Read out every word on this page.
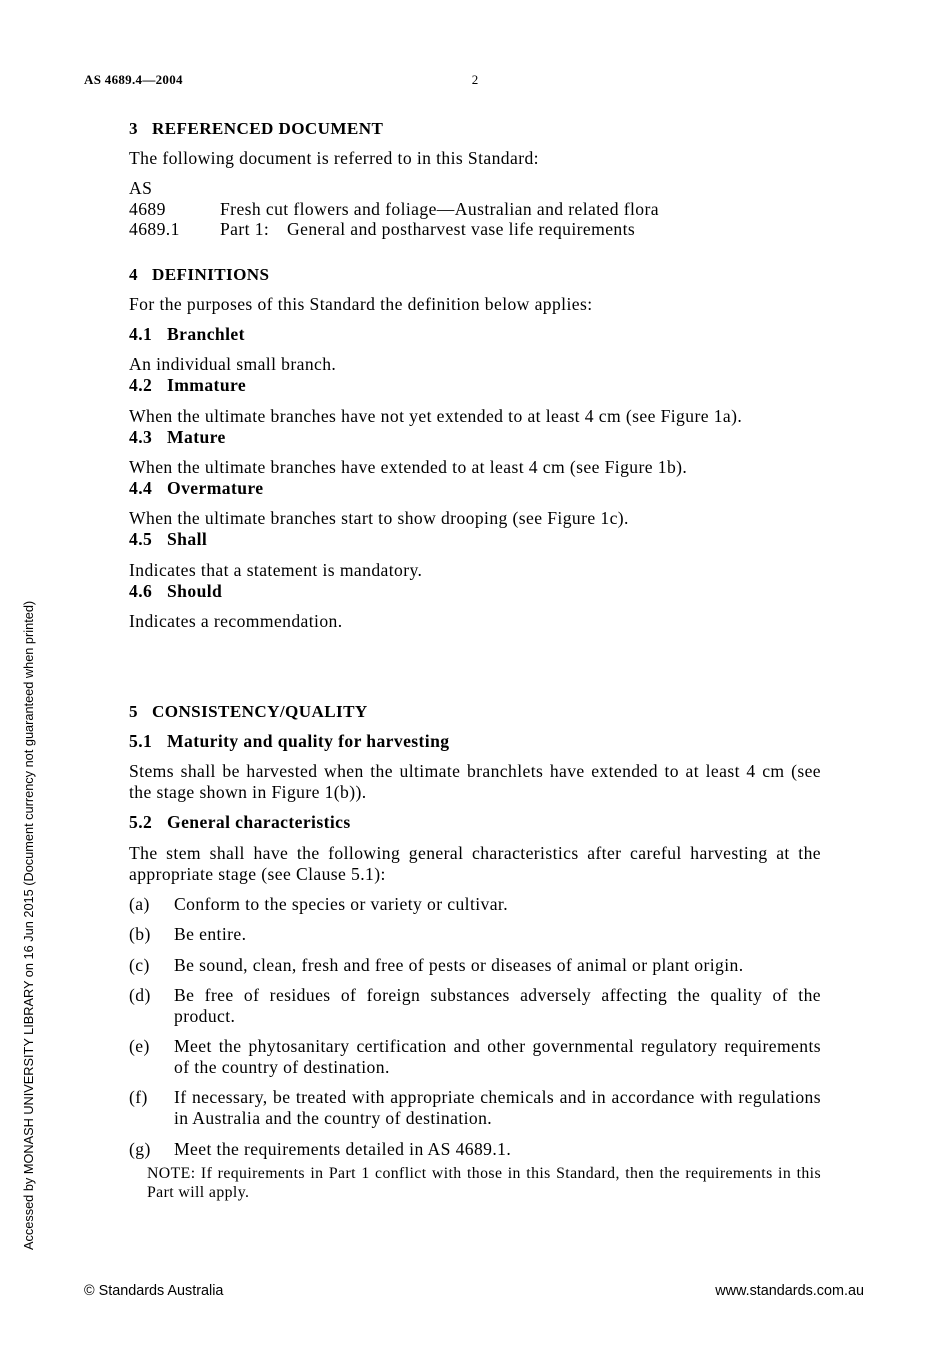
AS 4689.4—2004	2
Accessed by MONASH UNIVERSITY LIBRARY on 16 Jun 2015 (Document currency not guaranteed when printed)
3 REFERENCED DOCUMENT

The following document is referred to in this Standard:

AS
4689	Fresh cut flowers and foliage—Australian and related flora
4689.1 Part 1: General and postharvest vase life requirements
4 DEFINITIONS

For the purposes of this Standard the definition below applies:

4.1 Branchlet

An individual small branch.

4.2 Immature

When the ultimate branches have not yet extended to at least 4 cm (see Figure 1a).

4.3 Mature

When the ultimate branches have extended to at least 4 cm (see Figure 1b).

4.4 Overmature

When the ultimate branches start to show drooping (see Figure 1c).

4.5 Shall

Indicates that a statement is mandatory.

4.6 Should

Indicates a recommendation.

5 CONSISTENCY/QUALITY
5.1 Maturity and quality for harvesting
Stems shall be harvested when the ultimate branchlets have extended to at least 4 cm (see
the stage shown in Figure 1(b)).
5.2 General characteristics
The stem shall have the following general characteristics after careful harvesting at the
appropriate stage (see Clause 5.1):
(a) Conform to the species or variety or cultivar.
(b) Be entire.
(c) Be sound, clean, fresh and free of pests or diseases of animal or plant origin.
(d) Be free of residues of foreign substances adversely affecting the quality of the
product.
(e) Meet the phytosanitary certification and other governmental regulatory requirements
of the country of destination.
(f) If necessary, be treated with appropriate chemicals and in accordance with regulations
in Australia and the country of destination.
(g) Meet the requirements detailed in AS 4689.1.
NOTE: If requirements in Part 1 conflict with those in this Standard, then the requirements in this
Part will apply.
© Standards Australia	www.standards.com.au
